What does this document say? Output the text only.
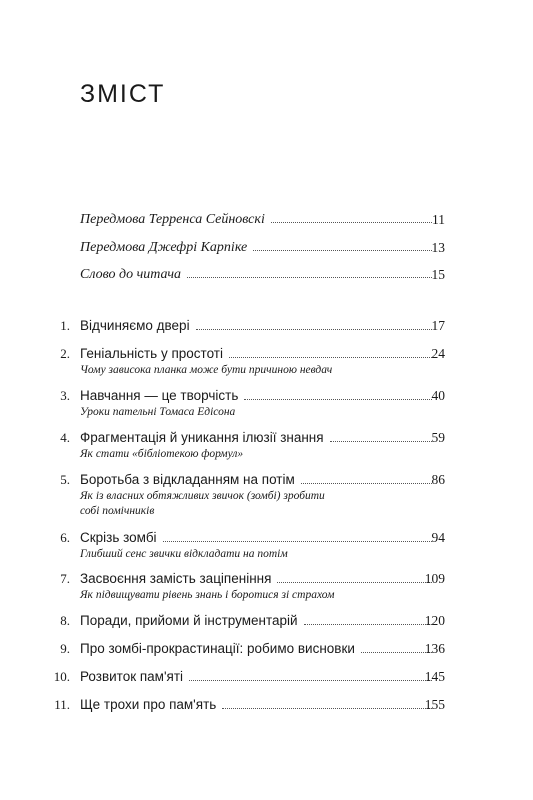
ЗМІСТ
Передмова Терренса Сейновскі	11
Передмова Джефрі Карпіке	13
Слово до читача	15
1. Відчиняємо двері	17
2. Геніальність у простоті	24
Чому зависока планка може бути причиною невдач
3. Навчання — це творчість	40
Уроки пательні Томаса Едісона
4. Фрагментація й уникання ілюзії знання	59
Як стати «бібліотекою формул»
5. Боротьба з відкладанням на потім	86
Як із власних обтяжливих звичок (зомбі) зробити собі помічників
6. Скрізь зомбі	94
Глибший сенс звички відкладати на потім
7. Засвоєння замість заціпеніння	109
Як підвищувати рівень знань і боротися зі страхом
8. Поради, прийоми й інструментарій	120
9. Про зомбі-прокрастинації: робимо висновки	136
10. Розвиток пам'яті	145
11. Ще трохи про пам'ять	155
